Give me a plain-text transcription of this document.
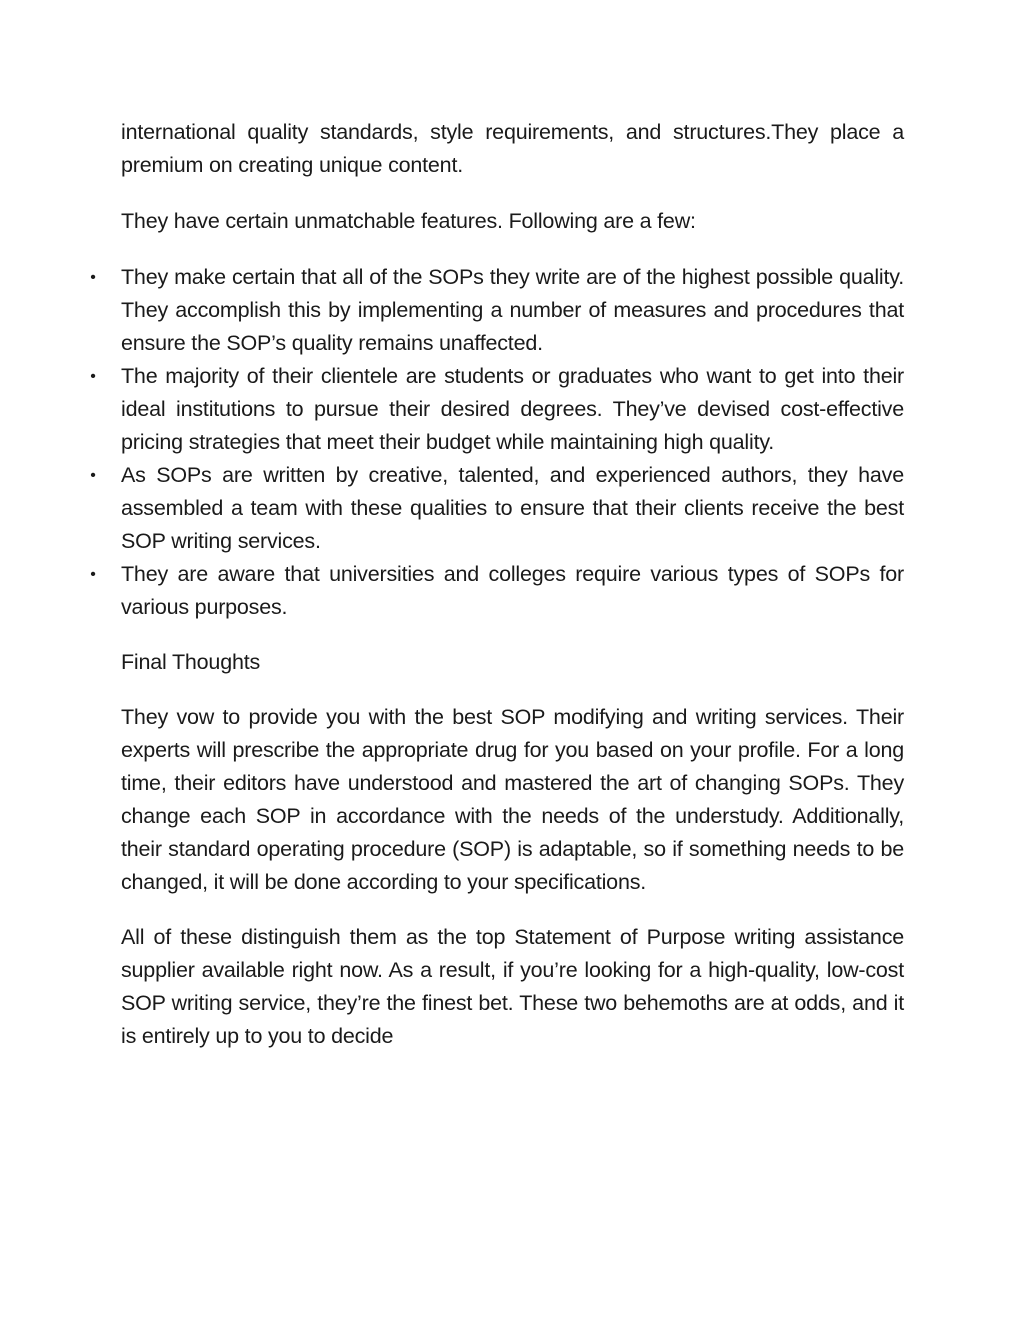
international quality standards, style requirements, and structures.They place a premium on creating unique content.

They have certain unmatchable features. Following are a few:

• They make certain that all of the SOPs they write are of the highest possible quality. They accomplish this by implementing a number of measures and procedures that ensure the SOP’s quality remains unaffected.
• The majority of their clientele are students or graduates who want to get into their ideal institutions to pursue their desired degrees. They’ve devised cost-effective pricing strategies that meet their budget while maintaining high quality.
• As SOPs are written by creative, talented, and experienced authors, they have assembled a team with these qualities to ensure that their clients receive the best SOP writing services.
• They are aware that universities and colleges require various types of SOPs for various purposes.

Final Thoughts

They vow to provide you with the best SOP modifying and writing services. Their experts will prescribe the appropriate drug for you based on your profile. For a long time, their editors have understood and mastered the art of changing SOPs. They change each SOP in accordance with the needs of the understudy. Additionally, their standard operating procedure (SOP) is adaptable, so if something needs to be changed, it will be done according to your specifications.

All of these distinguish them as the top Statement of Purpose writing assistance supplier available right now. As a result, if you’re looking for a high-quality, low-cost SOP writing service, they’re the finest bet. These two behemoths are at odds, and it is entirely up to you to decide
